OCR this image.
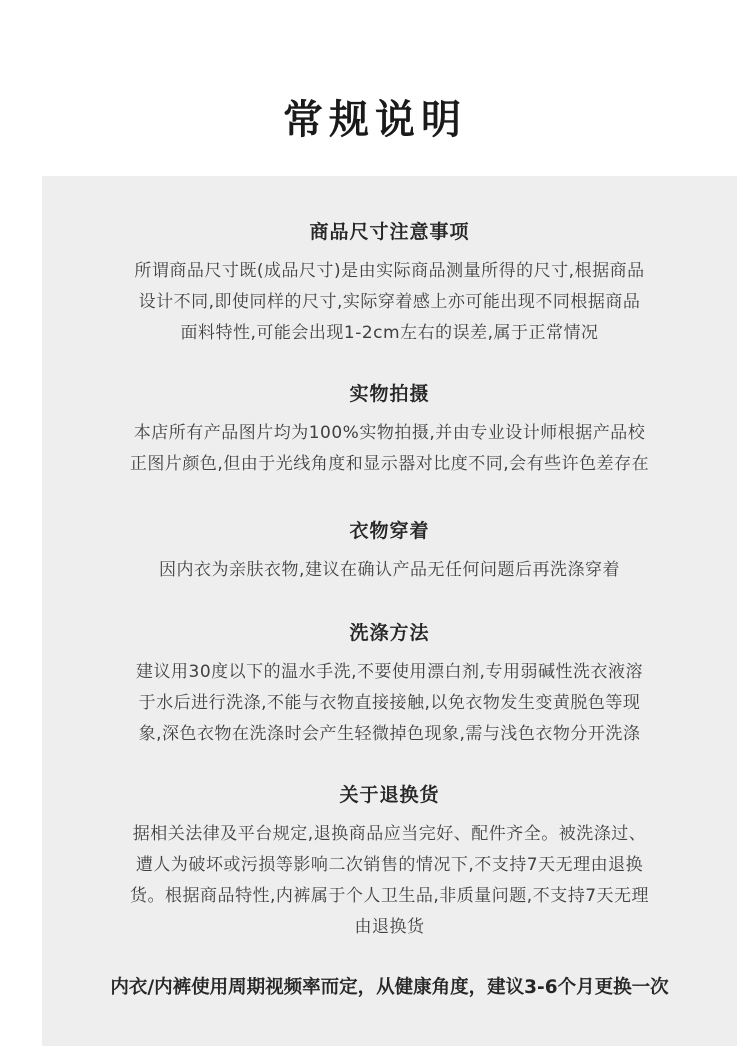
常规说明
商品尺寸注意事项
所谓商品尺寸既(成品尺寸)是由实际商品测量所得的尺寸,根据商品
设计不同,即使同样的尺寸,实际穿着感上亦可能出现不同根据商品
面料特性,可能会出现1-2cm左右的误差,属于正常情况
实物拍摄
本店所有产品图片均为100%实物拍摄,并由专业设计师根据产品校
正图片颜色,但由于光线角度和显示器对比度不同,会有些许色差存在
衣物穿着
因内衣为亲肤衣物,建议在确认产品无任何问题后再洗涤穿着
洗涤方法
建议用30度以下的温水手洗,不要使用漂白剂,专用弱碱性洗衣液溶
于水后进行洗涤,不能与衣物直接接触,以免衣物发生变黄脱色等现
象,深色衣物在洗涤时会产生轻微掉色现象,需与浅色衣物分开洗涤
关于退换货
据相关法律及平台规定,退换商品应当完好、配件齐全。被洗涤过、
遭人为破坏或污损等影响二次销售的情况下,不支持7天无理由退换
货。根据商品特性,内裤属于个人卫生品,非质量问题,不支持7天无理
由退换货
内衣/内裤使用周期视频率而定，从健康角度，建议3-6个月更换一次
